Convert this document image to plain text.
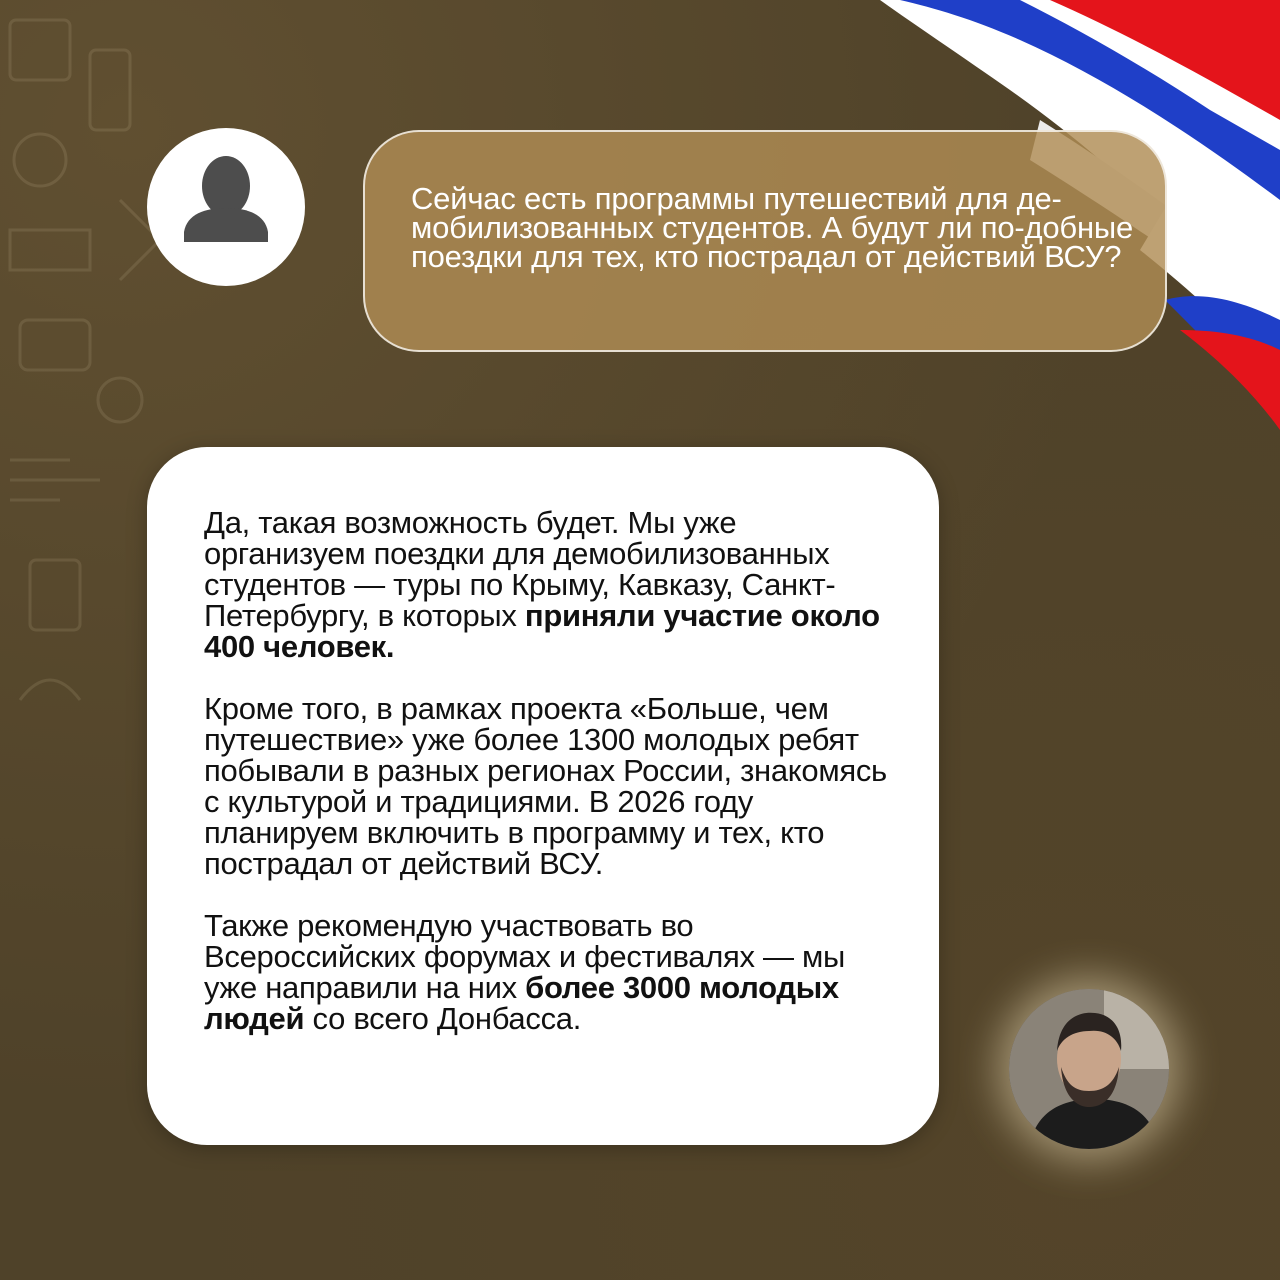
Сейчас есть программы путешествий для де-мобилизованных студентов. А будут ли по-добные поездки для тех, кто пострадал от действий ВСУ?

Да, такая возможность будет. Мы уже организуем поездки для демобилизованных студентов — туры по Крыму, Кавказу, Санкт-Петербургу, в которых приняли участие около 400 человек.

Кроме того, в рамках проекта «Больше, чем путешествие» уже более 1300 молодых ребят побывали в разных регионах России, знакомясь с культурой и традициями. В 2026 году планируем включить в программу и тех, кто пострадал от действий ВСУ.

Также рекомендую участвовать во Всероссийских форумах и фестивалях — мы уже направили на них более 3000 молодых людей со всего Донбасса.
